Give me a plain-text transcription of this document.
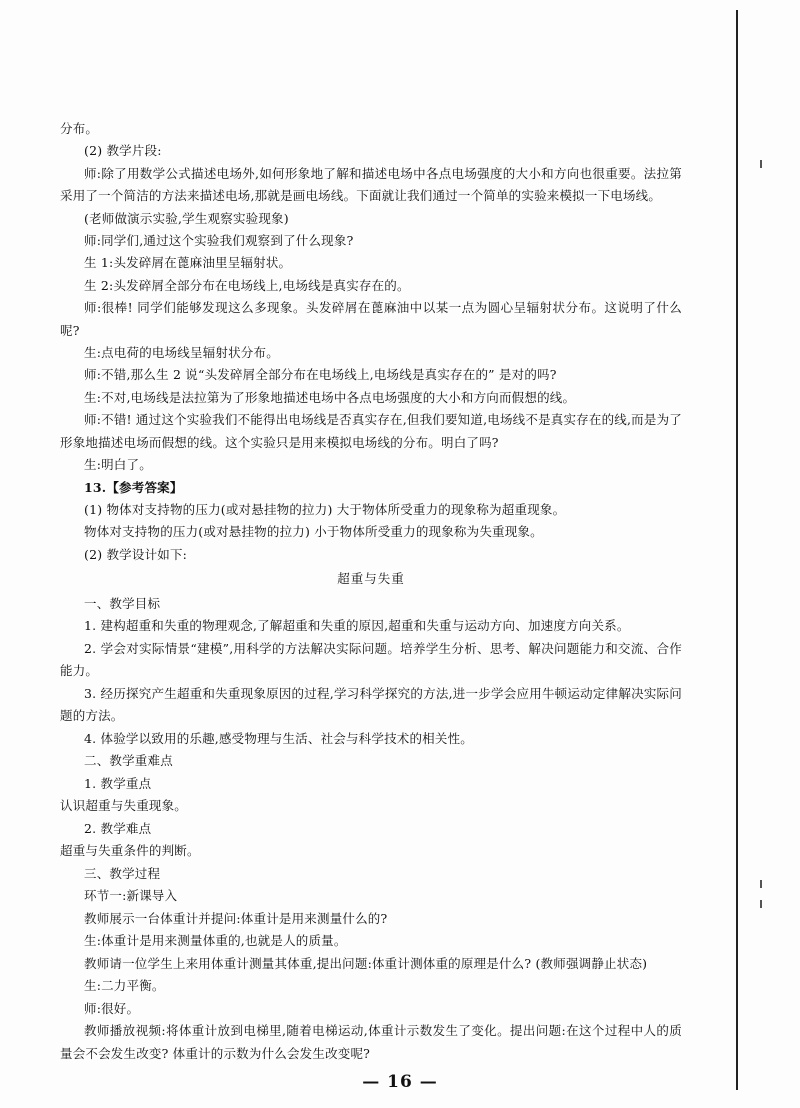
分布。

(2) 教学片段:

师:除了用数学公式描述电场外,如何形象地了解和描述电场中各点电场强度的大小和方向也很重要。法拉第采用了一个简洁的方法来描述电场,那就是画电场线。下面就让我们通过一个简单的实验来模拟一下电场线。

(老师做演示实验,学生观察实验现象)

师:同学们,通过这个实验我们观察到了什么现象?

生 1:头发碎屑在蓖麻油里呈辐射状。

生 2:头发碎屑全部分布在电场线上,电场线是真实存在的。

师:很棒! 同学们能够发现这么多现象。头发碎屑在蓖麻油中以某一点为圆心呈辐射状分布。这说明了什么呢?

生:点电荷的电场线呈辐射状分布。

师:不错,那么生 2 说“头发碎屑全部分布在电场线上,电场线是真实存在的” 是对的吗?

生:不对,电场线是法拉第为了形象地描述电场中各点电场强度的大小和方向而假想的线。

师:不错! 通过这个实验我们不能得出电场线是否真实存在,但我们要知道,电场线不是真实存在的线,而是为了形象地描述电场而假想的线。这个实验只是用来模拟电场线的分布。明白了吗?

生:明白了。

13.【参考答案】

(1) 物体对支持物的压力(或对悬挂物的拉力) 大于物体所受重力的现象称为超重现象。

物体对支持物的压力(或对悬挂物的拉力) 小于物体所受重力的现象称为失重现象。

(2) 教学设计如下:

超重与失重

一、教学目标

1. 建构超重和失重的物理观念,了解超重和失重的原因,超重和失重与运动方向、加速度方向关系。

2. 学会对实际情景“建模”,用科学的方法解决实际问题。培养学生分析、思考、解决问题能力和交流、合作能力。

3. 经历探究产生超重和失重现象原因的过程,学习科学探究的方法,进一步学会应用牛顿运动定律解决实际问题的方法。

4. 体验学以致用的乐趣,感受物理与生活、社会与科学技术的相关性。

二、教学重难点

1. 教学重点

认识超重与失重现象。

2. 教学难点

超重与失重条件的判断。

三、教学过程

环节一:新课导入

教师展示一台体重计并提问:体重计是用来测量什么的?

生:体重计是用来测量体重的,也就是人的质量。

教师请一位学生上来用体重计测量其体重,提出问题:体重计测体重的原理是什么? (教师强调静止状态)

生:二力平衡。

师:很好。

教师播放视频:将体重计放到电梯里,随着电梯运动,体重计示数发生了变化。提出问题:在这个过程中人的质量会不会发生改变? 体重计的示数为什么会发生改变呢?

— 16 —
